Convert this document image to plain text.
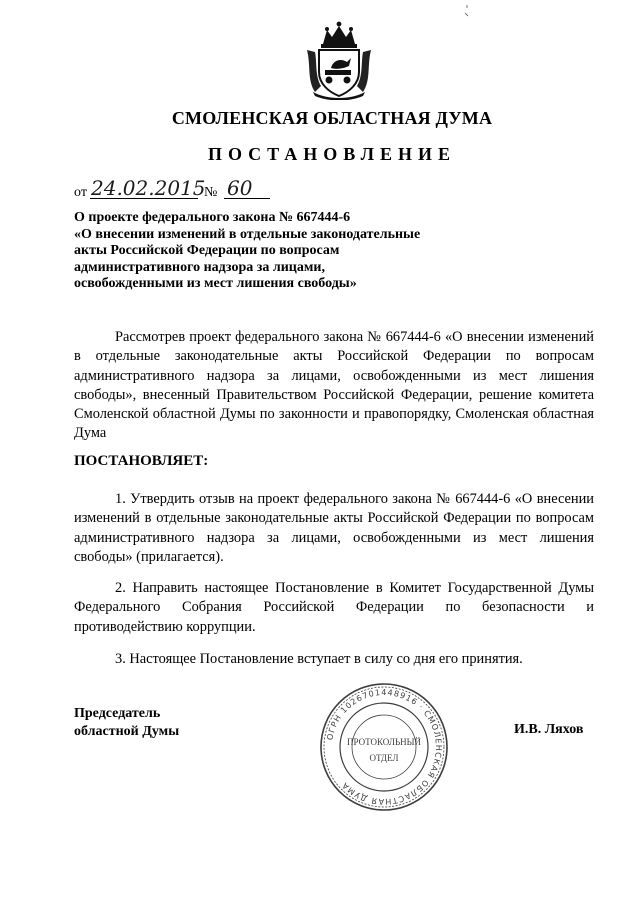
СМОЛЕНСКАЯ ОБЛАСТНАЯ ДУМА
ПОСТАНОВЛЕНИЕ
от 24.02.2015
№ 60
О проекте федерального закона № 667444-6
«О внесении изменений в отдельные законодательные
акты Российской Федерации по вопросам
административного надзора за лицами,
освобожденными из мест лишения свободы»
Рассмотрев проект федерального закона № 667444-6 «О внесении изменений в отдельные законодательные акты Российской Федерации по вопросам административного надзора за лицами, освобожденными из мест лишения свободы», внесенный Правительством Российской Федерации, решение комитета Смоленской областной Думы по законности и правопорядку, Смоленская областная Дума
ПОСТАНОВЛЯЕТ:
1. Утвердить отзыв на проект федерального закона № 667444-6 «О внесении изменений в отдельные законодательные акты Российской Федерации по вопросам административного надзора за лицами, освобожденными из мест лишения свободы» (прилагается).
2. Направить настоящее Постановление в Комитет Государственной Думы Федерального Собрания Российской Федерации по безопасности и противодействию коррупции.
3. Настоящее Постановление вступает в силу со дня его принятия.
Председатель
областной Думы	И.В. Ляхов
ОГРН 1026701448916 · СМОЛЕНСКАЯ ОБЛАСТНАЯ ДУМА
ПРОТОКОЛЬНЫЙ
ОТДЕЛ
